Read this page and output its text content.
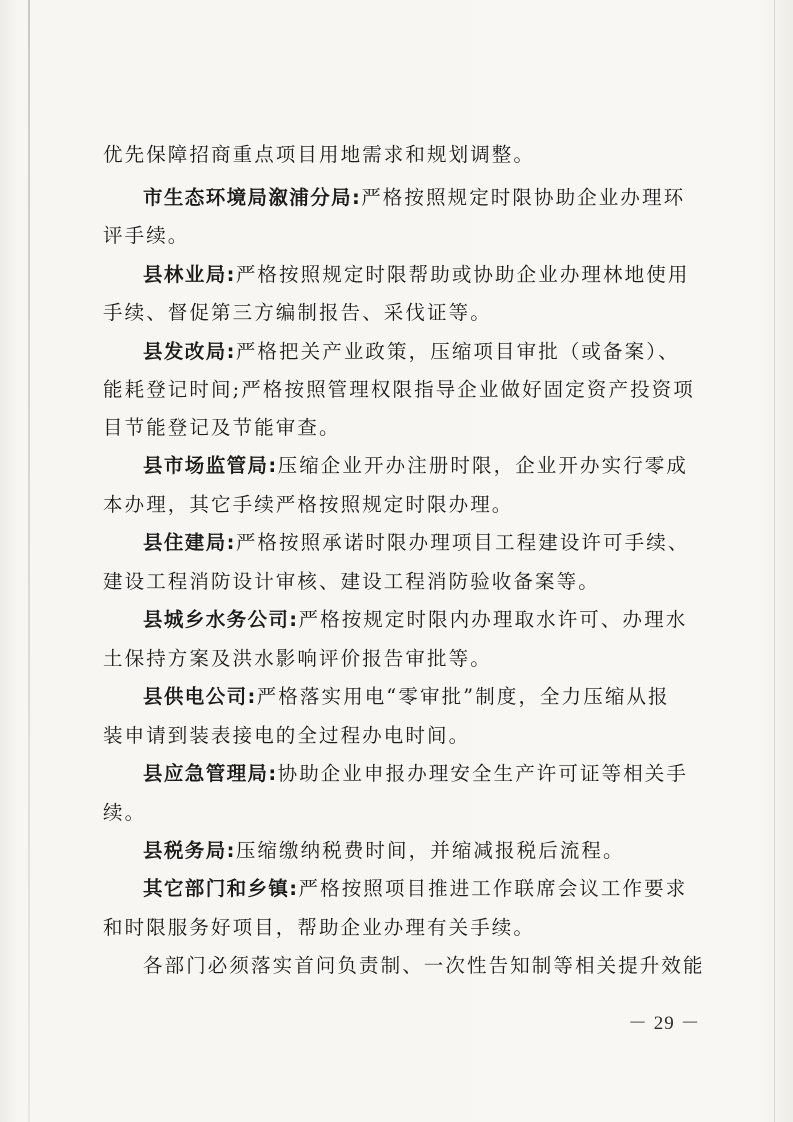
优先保障招商重点项目用地需求和规划调整。
市生态环境局溆浦分局:严格按照规定时限协助企业办理环
评手续。
县林业局:严格按照规定时限帮助或协助企业办理林地使用
手续、督促第三方编制报告、采伐证等。
县发改局:严格把关产业政策，压缩项目审批（或备案）、
能耗登记时间;严格按照管理权限指导企业做好固定资产投资项
目节能登记及节能审查。
县市场监管局:压缩企业开办注册时限，企业开办实行零成
本办理，其它手续严格按照规定时限办理。
县住建局:严格按照承诺时限办理项目工程建设许可手续、
建设工程消防设计审核、建设工程消防验收备案等。
县城乡水务公司:严格按规定时限内办理取水许可、办理水
土保持方案及洪水影响评价报告审批等。
县供电公司:严格落实用电“零审批”制度，全力压缩从报
装申请到装表接电的全过程办电时间。
县应急管理局:协助企业申报办理安全生产许可证等相关手
续。
县税务局:压缩缴纳税费时间，并缩减报税后流程。
其它部门和乡镇:严格按照项目推进工作联席会议工作要求
和时限服务好项目，帮助企业办理有关手续。
各部门必须落实首问负责制、一次性告知制等相关提升效能
－ 29 －
